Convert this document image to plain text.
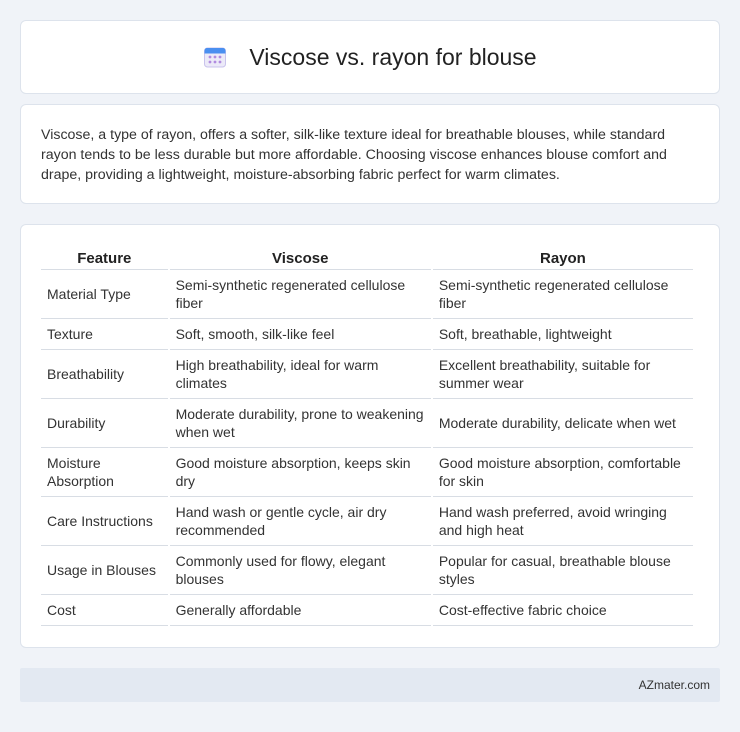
Viscose vs. rayon for blouse

Viscose, a type of rayon, offers a softer, silk-like texture ideal for breathable blouses, while standard rayon tends to be less durable but more affordable. Choosing viscose enhances blouse comfort and drape, providing a lightweight, moisture-absorbing fabric perfect for warm climates.

Feature	Viscose	Rayon
Material Type	Semi-synthetic regenerated cellulose fiber	Semi-synthetic regenerated cellulose fiber
Texture	Soft, smooth, silk-like feel	Soft, breathable, lightweight
Breathability	High breathability, ideal for warm climates	Excellent breathability, suitable for summer wear
Durability	Moderate durability, prone to weakening when wet	Moderate durability, delicate when wet
Moisture Absorption	Good moisture absorption, keeps skin dry	Good moisture absorption, comfortable for skin
Care Instructions	Hand wash or gentle cycle, air dry recommended	Hand wash preferred, avoid wringing and high heat
Usage in Blouses	Commonly used for flowy, elegant blouses	Popular for casual, breathable blouse styles
Cost	Generally affordable	Cost-effective fabric choice
AZmater.com
